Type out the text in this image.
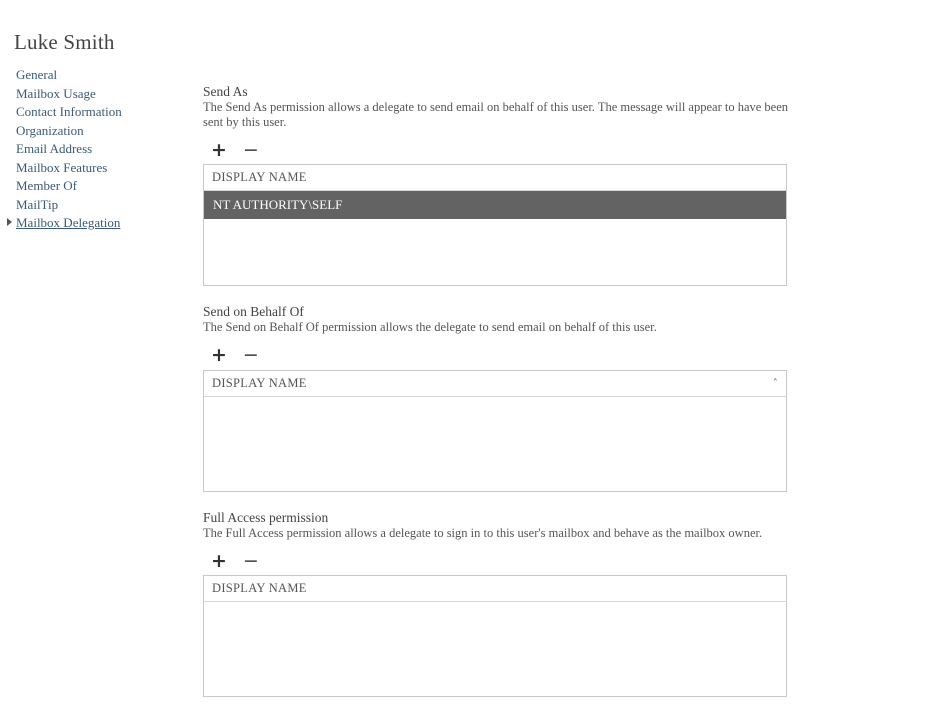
Luke Smith
General
Mailbox Usage
Contact Information
Organization
Email Address
Mailbox Features
Member Of
MailTip
Mailbox Delegation
Send As
The Send As permission allows a delegate to send email on behalf of this user. The message will appear to have been sent by this user.
+ −
DISPLAY NAME
NT AUTHORITY\SELF
Send on Behalf Of
The Send on Behalf Of permission allows the delegate to send email on behalf of this user.
+ −
DISPLAY NAME	˄
Full Access permission
The Full Access permission allows a delegate to sign in to this user's mailbox and behave as the mailbox owner.
+ −
DISPLAY NAME
